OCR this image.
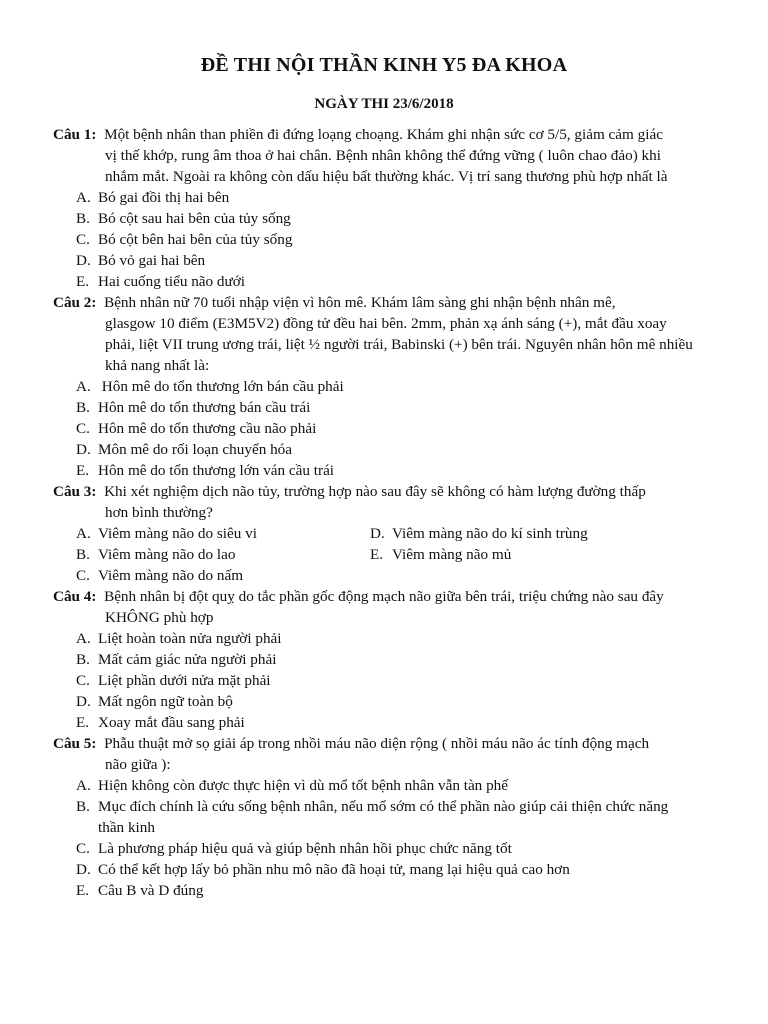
ĐỀ THI NỘI THẦN KINH Y5 ĐA KHOA
NGÀY THI 23/6/2018
Câu 1: Một bệnh nhân than phiền đi đứng loạng choạng. Khám ghi nhận sức cơ 5/5, giảm cảm giác
vị thế khớp, rung âm thoa ở hai chân. Bệnh nhân không thể đứng vững ( luôn chao đảo) khi
nhắm mắt. Ngoài ra không còn dấu hiệu bất thường khác. Vị trí sang thương phù hợp nhất là
A. Bó gai đồi thị hai bên
B. Bó cột sau hai bên của tủy sống
C. Bó cột bên hai bên của tủy sống
D. Bó vỏ gai hai bên
E. Hai cuống tiểu não dưới
Câu 2: Bệnh nhân nữ 70 tuổi nhập viện vì hôn mê. Khám lâm sàng ghi nhận bệnh nhân mê,
glasgow 10 điểm (E3M5V2) đồng tử đều hai bên. 2mm, phản xạ ánh sáng (+), mắt đầu xoay
phải, liệt VII trung ương trái, liệt ½ người trái, Babinski (+) bên trái. Nguyên nhân hôn mê nhiều
khả nang nhất là:
A. Hôn mê do tổn thương lớn bán cầu phải
B. Hôn mê do tổn thương bán cầu trái
C. Hôn mê do tổn thương cầu não phải
D. Môn mê do rối loạn chuyển hóa
E. Hôn mê do tổn thương lớn ván cầu trái
Câu 3: Khi xét nghiệm dịch não tủy, trường hợp nào sau đây sẽ không có hàm lượng đường thấp
hơn bình thường?
A. Viêm màng não do siêu vi	D. Viêm màng não do kí sinh trùng
B. Viêm màng não do lao	E. Viêm màng não mủ
C. Viêm màng não do nấm
Câu 4: Bệnh nhân bị đột quỵ do tắc phần gốc động mạch não giữa bên trái, triệu chứng nào sau đây
KHÔNG phù hợp
A. Liệt hoàn toàn nửa người phải
B. Mất cảm giác nửa người phải
C. Liệt phần dưới nửa mặt phải
D. Mất ngôn ngữ toàn bộ
E. Xoay mắt đầu sang phải
Câu 5: Phẫu thuật mở sọ giải áp trong nhồi máu não diện rộng ( nhồi máu não ác tính động mạch
não giữa ):
A. Hiện không còn được thực hiện vì dù mổ tốt bệnh nhân vẫn tàn phế
B. Mục đích chính là cứu sống bệnh nhân, nếu mổ sớm có thể phần nào giúp cải thiện chức năng
thần kinh
C. Là phương pháp hiệu quả và giúp bệnh nhân hồi phục chức năng tốt
D. Có thể kết hợp lấy bỏ phần nhu mô não đã hoại tử, mang lại hiệu quả cao hơn
E. Câu B và D đúng
